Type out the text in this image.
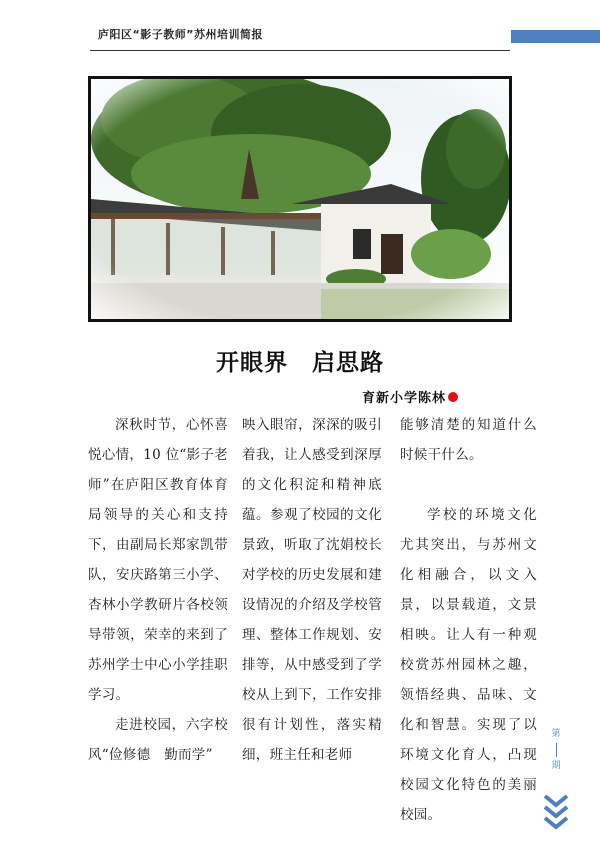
庐阳区“影子教师”苏州培训简报
开眼界　启思路
育新小学陈林

深秋时节，心怀喜悦心情，10 位“影子老师”在庐阳区教育体育局领导的关心和支持下，由副局长郑家凯带队，安庆路第三小学、杏林小学教研片各校领导带领，荣幸的来到了苏州学士中心小学挂职学习。

走进校园，六字校风“俭修德　勤而学”

映入眼帘，深深的吸引着我，让人感受到深厚的文化积淀和精神底蕴。参观了校园的文化景致，听取了沈娟校长对学校的历史发展和建设情况的介绍及学校管理、整体工作规划、安排等，从中感受到了学校从上到下，工作安排很有计划性，落实精细，班主任和老师

能够清楚的知道什么时候干什么。

学校的环境文化尤其突出，与苏州文化相融合，以文入景，以景载道，文景相映。让人有一种观校赏苏州园林之趣，领悟经典、品味、文化和智慧。实现了以环境文化育人，凸现校园文化特色的美丽校园。

第
期
